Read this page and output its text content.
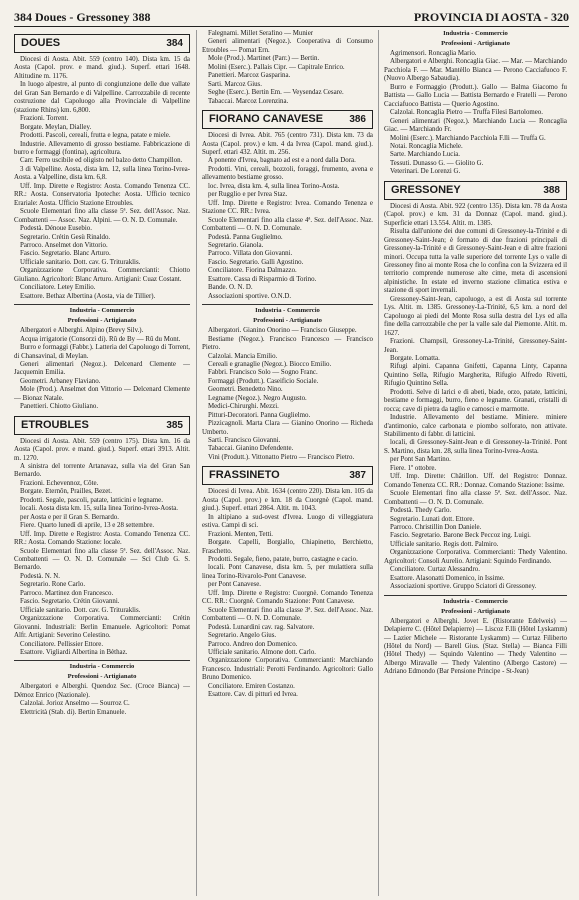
384 Doues - Gressoney 388	PROVINCIA DI AOSTA - 320
DOUES	384

Diocesi di Aosta. Abit. 559 (centro 140). Dista km. 15 da Aosta (Capol. prov. e mand. giud.). Superf. ettari 1648. Altitudine m. 1176.

In luogo alpestre, al punto di congiunzione delle due vallate del Gran San Bernardo e di Valpelline. Carrozzabile di recente costruzione dal Capoluogo alla Provinciale di Valpelline (stazione Rhins) km. 6,800.

Frazioni. Torrent.

Borgate. Meylan, Dialley.

Prodotti. Pascoli, cereali, frutta e legna, patate e miele.

Industrie. Allevamento di grosso bestiame. Fabbricazione di burro e formaggi (fontina), agricoltura.

Carr. Ferro uscibile ed oligisto nel balzo detto Champillon.

3 di Valpelline. Aosta, dista km. 12, sulla linea Torino-Ivrea-Aosta. a Valpelline, dista km. 6,8.

Uff. Imp. Dirette e Registro: Aosta. Comando Tenenza CC. RR.: Aosta. Conservatoria Ipoteche: Aosta. Ufficio tecnico Erariale: Aosta. Ufficio Stazione Etroubles.

Scuole Elementari fino alla classe 5ª. Sez. dell'Assoc. Naz. Combattenti — Assoc. Naz. Alpini. — O. N. D. Comunale.

Podestà. Dénoue Eusebio.

Segretario. Crétin Gesù Rinaldo.

Parroco. Anselmet don Vittorio.

Fascio. Segretario. Blanc Arturo.

Ufficiale sanitario. Dott. cav. G. Trituraklis.

Organizzazione Corporativa. Commercianti: Chiotto Giuliano. Agricoltori: Blanc Arturo. Artigiani: Cuaz Costant.

Conciliatore. Letey Emilio.

Esattore. Bethaz Albertina (Aosta, via de Tillier).

Industria - Commercio
Professioni - Artigianato

Albergatori e Alberghi. Alpino (Brevy Silv.).

Acqua irrigatorie (Consorzi di). Rû de By — Rû du Mont.

Burro e formaggi (Fabbr.). Latteria del Capoluogo di Torrent, di Chansavinal, di Meylan.

Generi alimentari (Negoz.). Delcenard Clemente — Jacquemin Emilia.

Geometri. Arbaney Flaviano.

Mole (Prod.). Anselmet don Vittorio — Delcenard Clemente — Bionaz Natale.

Panettieri. Chiotto Giuliano.

ETROUBLES	385

Diocesi di Aosta. Abit. 559 (centro 175). Dista km. 16 da Aosta (Capol. prov. e mand. giud.). Superf. ettari 3913. Altit. m. 1270.

A sinistra del torrente Artanavaz, sulla via del Gran San Bernardo.

Frazioni. Echevennoz, Côte.

Borgate. Eternôn, Prailles, Bezet.

Prodotti. Segale, pascoli, patate, latticini e legname.

locali. Aosta dista km. 15, sulla linea Torino-Ivrea-Aosta.

per Aosta e per il Gran S. Bernardo.

Fiere. Quarto lunedì di aprile, 13 e 28 settembre.

Uff. Imp. Dirette e Registro: Aosta. Comando Tenenza CC. RR.: Aosta. Comando Stazione: locale.

Scuole Elementari fino alla classe 5ª. Sez. dell'Assoc. Naz. Combattenti — O. N. D. Comunale — Sci Club G. S. Bernardo.

Podestà. N. N.

Segretario. Rone Carlo.

Parroco. Martinez don Francesco.

Fascio. Segretario. Crétin Giovanni.

Ufficiale sanitario. Dott. cav. G. Trituraklis.

Organizzazione Corporativa. Commercianti: Crétin Giovanni. Industriali: Berlin Emanuele. Agricoltori: Pomat Alfr. Artigiani: Severino Celestino.

Conciliatore. Pellissier Ettore.

Esattore. Vigliardi Albertina in Bèthaz.

Industria - Commercio
Professioni - Artigianato

Albergatori e Alberghi. Quendoz Sec. (Croce Bianca) — Démoz Enrico (Nazionale).

Calzolai. Jorioz Anselmo — Sourroz C.

Elettricità (Stab. di). Bertin Emanuele.

Falegnami. Millet Serafino — Munier

Generi alimentari (Negoz.). Cooperativa di Consumo Etroubles — Pomat Ern.

Mole (Prod.). Martinet (Parr.) — Bertin.

Molini (Eserc.). Pallais Cipr. — Capitrale Enrico.

Panettieri. Marcoz Gasparina.

Sarti. Marcoz Gius.

Seghe (Eserc.). Bertin Em. — Veysendaz Cesare.

Tabaccai. Marcoz Lorenzina.

FIORANO CANAVESE	386

Diocesi di Ivrea. Abit. 765 (centro 731). Dista km. 73 da Aosta (Capol. prov.) e km. 4 da Ivrea (Capol. mand. giud.). Superf. ettari 432. Altit. m. 256.

A ponente d'Ivrea, bagnato ad est e a nord dalla Dora.

Prodotti. Vini, cereali, bozzoli, foraggi, frumento, avena e allevamento bestiame grosso.

loc. Ivrea, dista km. 4, sulla linea Torino-Aosta.

per Rugglio e per Ivrea Staz.

Uff. Imp. Dirette e Registro: Ivrea. Comando Tenenza e Stazione CC. RR.: Ivrea.

Scuole Elementari fino alla classe 4ª. Sez. dell'Assoc. Naz. Combattenti — O. N. D. Comunale.

Podestà. Panna Guglielmo.

Segretario. Gianola.

Parroco. Villata don Giovanni.

Fascio. Segretario. Galli Agostino.

Conciliatore. Fiorina Dalmazzo.

Esattore. Cassa di Risparmio di Torino.

Bande. O. N. D.

Associazioni sportive. O.N.D.

Industria - Commercio
Professioni - Artigianato

Albergatori. Gianino Onorino — Francisco Giuseppe.

Bestiame (Negoz.). Francisco Francesco — Francisco Pietro.

Calzolai. Mancia Emilio.

Cereali e granaglie (Negoz.). Biocco Emilio.

Fabbri. Francisco Solo — Sogno Franc.

Formaggi (Produtt.). Caseificio Sociale.

Geometri. Benedetto Nino.

Legname (Negoz.). Negro Augusto.

Medici-Chirurghi. Mezzi.

Pitturi-Decoratori. Panna Guglielmo.

Pizzicagnoli. Marta Clara — Gianino Onorino — Richeda Umberto.

Sarti. Francisco Giovanni.

Tabaccai. Gianino Defendente.

Vini (Produtt.). Vittonatto Pietro — Francisco Pietro.

FRASSINETO	387

Diocesi di Ivrea. Abit. 1634 (centro 220). Dista km. 105 da Aosta (Capol. prov.) e km. 18 da Cuorgnè (Capol. mand. giud.). Superf. ettari 2864. Altit. m. 1043.

In altipiano a sud-ovest d'Ivrea. Luogo di villeggiatura estiva. Campi di sci.

Frazioni. Menten, Tetti.

Borgate. Capelli, Borgiallo, Chiapinetto, Berchietto, Fraschetto.

Prodotti. Segale, fieno, patate, burro, castagne e cacio.

locali. Pont Canavese, dista km. 5, per mulattiera sulla linea Torino-Rivarolo-Pont Canavese.

per Pont Canavese.

Uff. Imp. Dirette e Registro: Cuorgnè. Comando Tenenza CC. RR.: Cuorgnè. Comando Stazione: Pont Canavese.

Scuole Elementari fino alla classe 3ª. Sez. dell'Assoc. Naz. Combattenti — O. N. D. Comunale.

Podestà. Lunardini cav. rag. Salvatore.

Segretario. Angelo Gius.

Parroco. Andreo don Domenico.

Ufficiale sanitario. Almone dott. Carlo.

Organizzazione Corporativa. Commercianti: Marchiando Francesco. Industriali: Perotti Ferdinando. Agricoltori: Gallo Bruno Domenico.

Conciliatore. Emiren Costanzo.

Esattore. Cav. di pitturì ed Ivrea.

Industria - Commercio
Professioni - Artigianato

Agrimensori. Roncaglia Mario.

Albergatori e Alberghi. Roncaglia Giac. — Mar. — Marchiando Pacchiola F. — Mar. Mantèllo Bianca — Perono Cacciafuoco F. (Nuovo Albergo Sabaudia).

Burro e Formaggio (Produtt.). Gallo — Balma Giacomo fu Battista — Gallo Lucia — Battista Bernardo e Fratelli — Perono Cacciafuoco Battista — Querio Agostino.

Calzolai. Roncaglia Pietro — Truffa Filesi Bartolomeo.

Generi alimentari (Negoz.). Marchiando Lucia — Roncaglia Giac. — Marchiando Fr.

Molini (Eserc.). Marchiando Pacchiola F.lli — Truffa G.

Notai. Roncaglia Michele.

Sarte. Marchiando Lucia.

Tessuti. Dunasso G. — Giolito G.

Veterinari. De Lorenzi G.

GRESSONEY	388

Diocesi di Aosta. Abit. 922 (centro 135). Dista km. 78 da Aosta (Capol. prov.) e km. 31 da Donnaz (Capol. mand. giud.). Superficie ettari 13.554. Altit. m. 1385.

Risulta dall'unione dei due comuni di Gressoney-la-Trinité e di Gressoney-Saint-Jean; è formato di due frazioni principali di Gressoney-la-Trinité e di Gressoney-Saint-Jean e di altre frazioni minori. Occupa tutta la valle superiore del torrente Lys o valle di Gressoney fino ai monte Rosa che lo confina con la Svizzera ed il territorio comprende numerose alte cime, meta di ascensioni alpinistiche. In estate ed inverno stazione climatica estiva e stazione di sport invernali.

Gressoney-Saint-Jean, capoluogo, a est di Aosta sul torrente Lys. Altit. m. 1385. Gressoney-La-Trinité, 6,5 km. a nord del Capoluogo ai piedi del Monte Rosa sulla destra del Lys ed alla fine della carrozzabile che per la valle sale dal Piemonte. Altit. m. 1627.

Frazioni. Champsil, Gressoney-La-Trinité, Gressoney-Saint-Jean.

Borgate. Lomatta.

Rifugi alpini. Capanna Gnifetti, Capanna Linty, Capanna Quintino Sella, Rifugio Margherita, Rifugio Alfredo Rivetti, Rifugio Quintino Sella.

Prodotti. Selve di larici e di abeti, biade, orzo, patate, latticini, bestiame e formaggi, burro, fieno e legname. Granati, cristalli di rocca; cave di pietra da taglio e camosci e marmotte.

Industrie. Allevamento del bestiame. Miniere. miniere d'antimonio, calce carbonata e piombo solforato, non attivate. Stabilimento di fabbr. di latticini.

locali, di Gressoney-Saint-Jean e di Gressoney-la-Trinité. Pont S. Martino, dista km. 28, sulla linea Torino-Ivrea-Aosta.

per Pont San Martino.

Fiere. 1º ottobre.

Uff. Imp. Dirette: Châtillon. Uff. del Registro: Donnaz. Comando Tenenza CC. RR.: Donnaz. Comando Stazione: Issime.

Scuole Elementari fino alla classe 5ª. Sez. dell'Assoc. Naz. Combattenti — O. N. D. Comunale.

Podestà. Thedy Carlo.

Segretario. Lunati dott. Ettore.

Parroco. Christillin Don Daniele.

Fascio. Segretario. Barone Beck Peccoz ing. Luigi.

Ufficiale sanitario. Regis dott. Palmiro.

Organizzazione Corporativa. Commercianti: Thedy Valentino. Agricoltori: Consoli Aurelio. Artigiani: Squindo Ferdinando.

Conciliatore. Curtaz Alessandro.

Esattore. Alasonatti Domenico, in Issime.

Associazioni sportive. Gruppo Sciatori di Gressoney.

Industria - Commercio
Professioni - Artigianato

Albergatori e Alberghi. Jovet E. (Ristorante Edelweis) — Delapierre C. (Hôtel Delapierre) — Liscoz F.lli (Hôtel Lyskamm) — Lazier Michele — Ristorante Lyskamm) — Curtaz Filiberto (Hôtel du Nord) — Barell Gius. (Staz. Stella) — Bianca Filli (Hôtel Thedy) — Squindo Valentino — Thedy Valentino — Albergo Miravalle — Thedy Valentino (Albergo Castore) — Adriano Edmondo (Bar Pensione Principe - St-Jean)
